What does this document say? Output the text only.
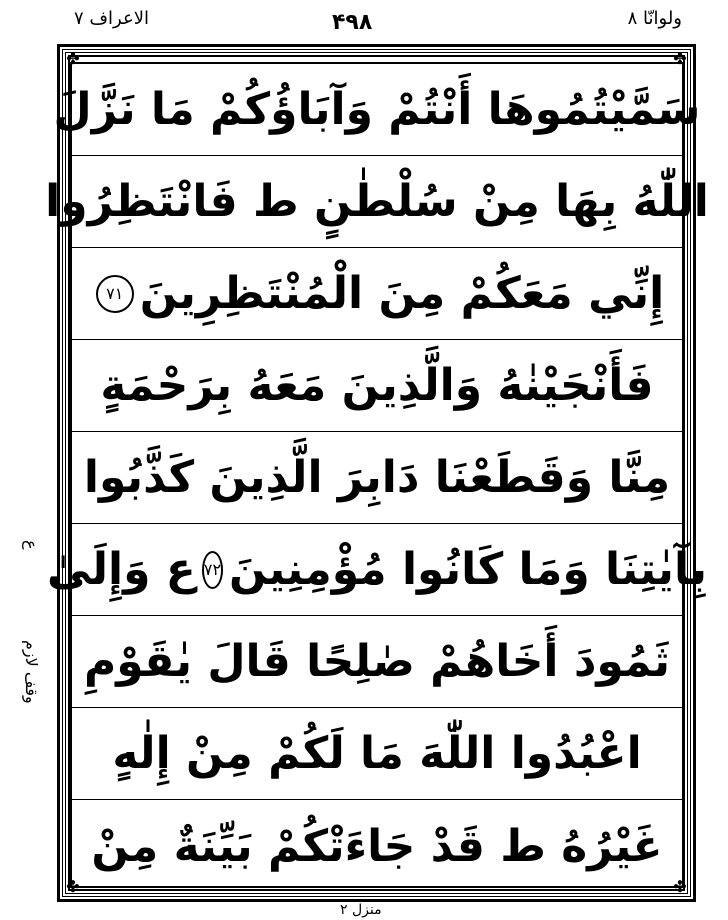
الاعراف ٧	۴۹۸	ولوانّا ٨
✤	✤
✤	✤
سَمَّيْتُمُوهَا أَنْتُمْ وَآبَاؤُكُمْ مَا نَزَّلَ
اللّٰهُ بِهَا مِنْ سُلْطٰنٍ ط فَانْتَظِرُوا
إِنِّي مَعَكُمْ مِنَ الْمُنْتَظِرِينَ
٧١
فَأَنْجَيْنٰهُ وَالَّذِينَ مَعَهُ بِرَحْمَةٍ
مِنَّا وَقَطَعْنَا دَابِرَ الَّذِينَ كَذَّبُوا
بِآيٰتِنَا وَمَا كَانُوا مُؤْمِنِينَ
٧٢
ع وَإِلَىٰ
ثَمُودَ أَخَاهُمْ صٰلِحًا قَالَ يٰقَوْمِ
اعْبُدُوا اللّٰهَ مَا لَكُمْ مِنْ إِلٰهٍ
غَيْرُهُ ط قَدْ جَاءَتْكُمْ بَيِّنَةٌ مِنْ
ع
وقف لازم
منزل ٢
